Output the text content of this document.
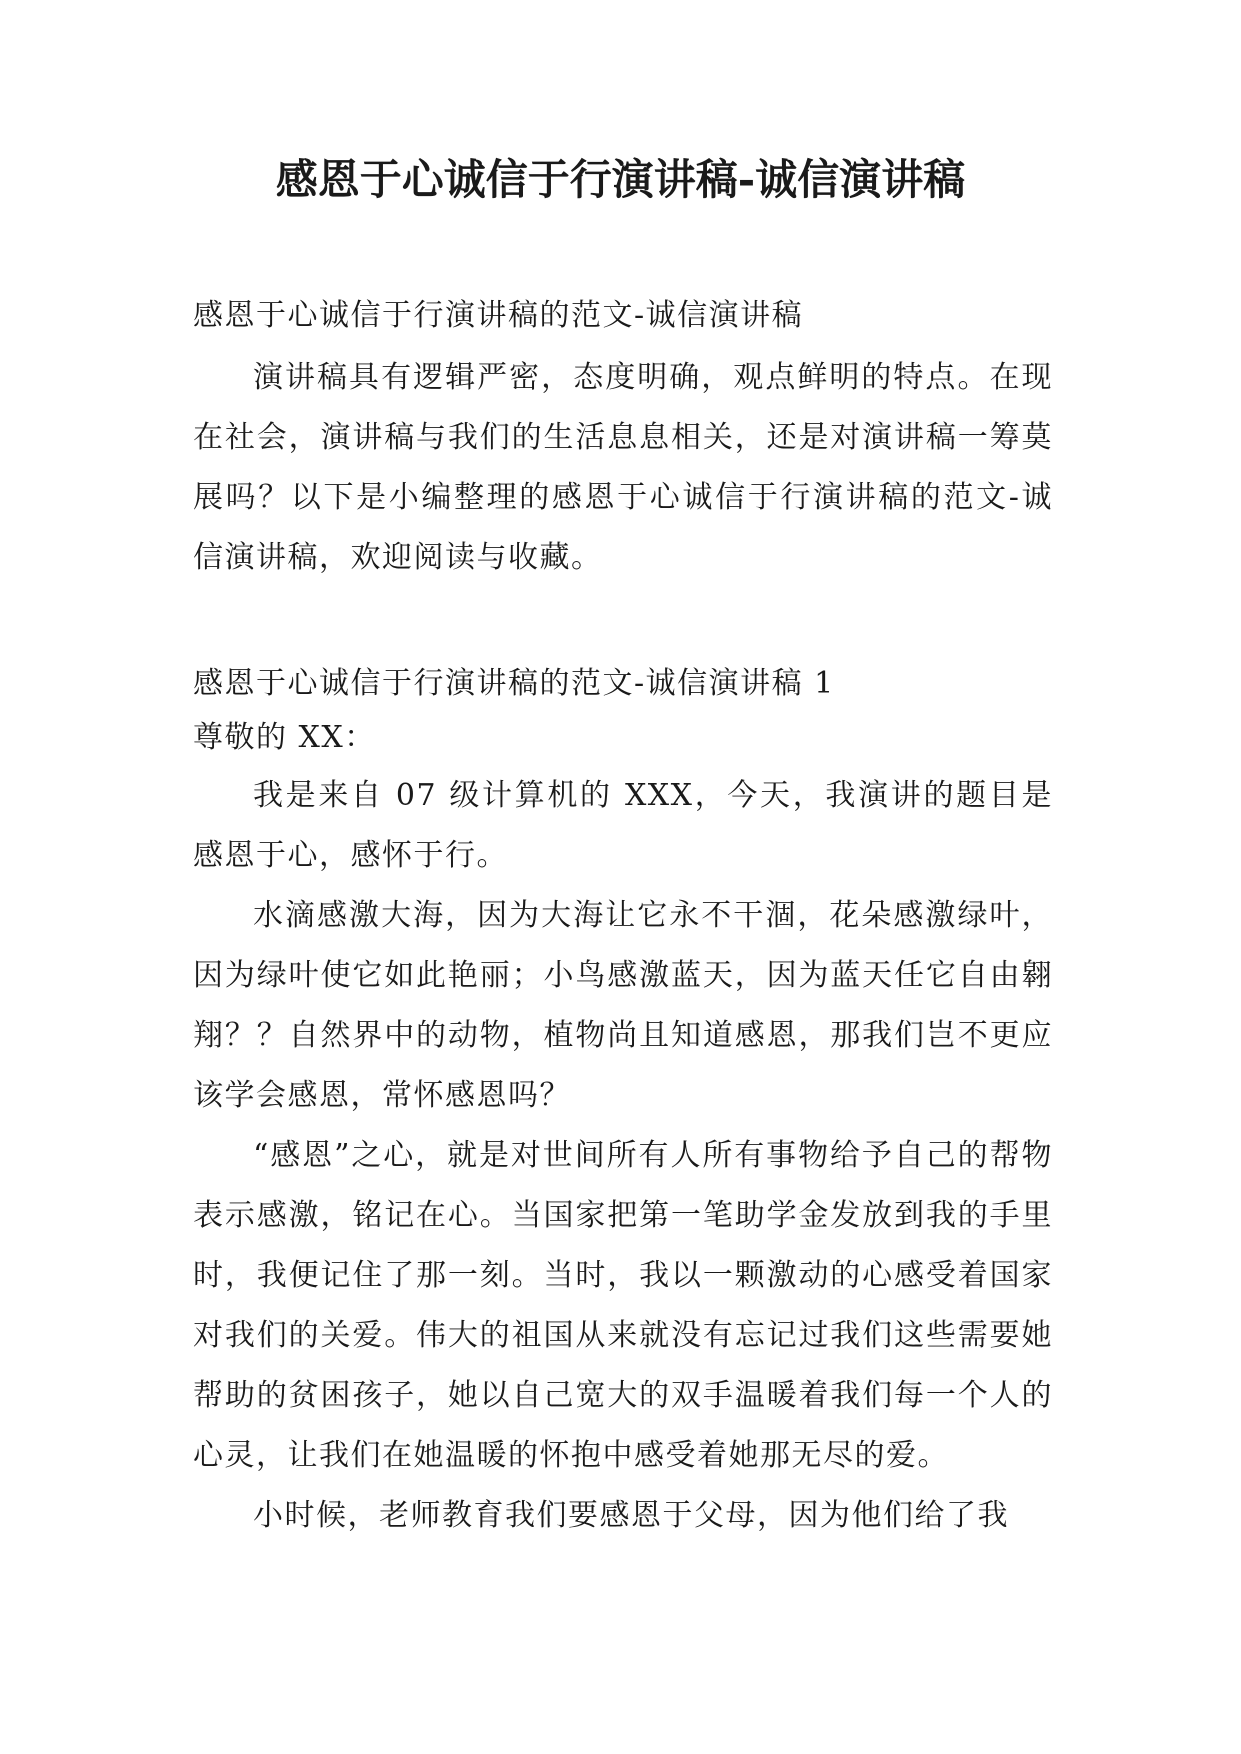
感恩于心诚信于行演讲稿-诚信演讲稿

感恩于心诚信于行演讲稿的范文-诚信演讲稿

演讲稿具有逻辑严密，态度明确，观点鲜明的特点。在现在社会，演讲稿与我们的生活息息相关，还是对演讲稿一筹莫展吗？以下是小编整理的感恩于心诚信于行演讲稿的范文-诚信演讲稿，欢迎阅读与收藏。

感恩于心诚信于行演讲稿的范文-诚信演讲稿 1

尊敬的 XX：

我是来自 07 级计算机的 XXX，今天，我演讲的题目是感恩于心，感怀于行。

水滴感激大海，因为大海让它永不干涸，花朵感激绿叶，因为绿叶使它如此艳丽；小鸟感激蓝天，因为蓝天任它自由翱翔？？自然界中的动物，植物尚且知道感恩，那我们岂不更应该学会感恩，常怀感恩吗？

“感恩”之心，就是对世间所有人所有事物给予自己的帮物表示感激，铭记在心。当国家把第一笔助学金发放到我的手里时，我便记住了那一刻。当时，我以一颗激动的心感受着国家对我们的关爱。伟大的祖国从来就没有忘记过我们这些需要她帮助的贫困孩子，她以自己宽大的双手温暖着我们每一个人的心灵，让我们在她温暖的怀抱中感受着她那无尽的爱。

小时候，老师教育我们要感恩于父母，因为他们给了我
